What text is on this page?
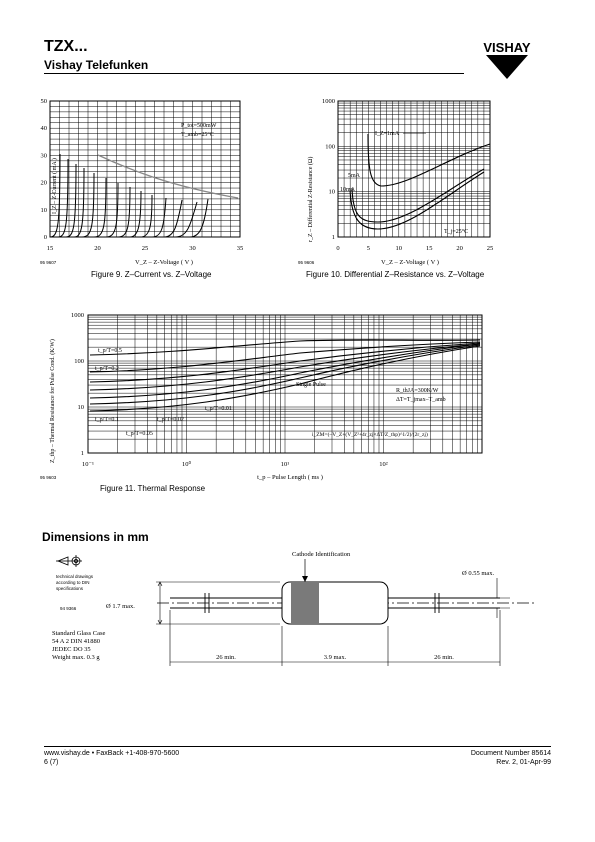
TZX...
Vishay Telefunken
VISHAY
P_tot=500mW
T_amb=25°C
I_Z – Z-Current ( mA )
V_Z – Z-Voltage ( V )
95 9607
15	20	25	30	35
0
10
20
30
40
50
Figure 9. Z–Current vs. Z–Voltage
I_Z=1mA
5mA
10mA
T_j=25°C
r_Z – Differential Z-Resistance (Ω)
V_Z – Z-Voltage ( V )
95 9606
0	5	10	15	20	25
1
10
100
1000
Figure 10. Differential Z–Resistance vs. Z–Voltage
t_p/T=0.5
t_p/T=0.2
t_p/T=0.1
t_p/T=0.05
t_p/T=0.02
t_p/T=0.01
Single Pulse
R_thJA=300K/W
ΔT=T_jmax–T_amb
i_ZM=(–V_Z+(V_Z²+4r_zj×ΔT/Z_thp)^1/2)/(2r_zj)
Z_thp – Thermal Resistance for Pulse Cond. (K/W)
t_p – Pulse Length ( ms )
95 9603
10⁻¹	10⁰	10¹	10²
1
10
100
1000
Figure 11. Thermal Response
Dimensions in mm
technical drawings
according to DIN
specifications
94 9366
Standard Glass Case
54 A 2 DIN 41880
JEDEC DO 35
Weight max. 0.3 g
Cathode Identification
Ø 0.55 max.
Ø 1.7 max.
26 min.	3.9 max.	26 min.
www.vishay.de • FaxBack +1-408-970-5600
6 (7)
Document Number 85614
Rev. 2, 01-Apr-99
